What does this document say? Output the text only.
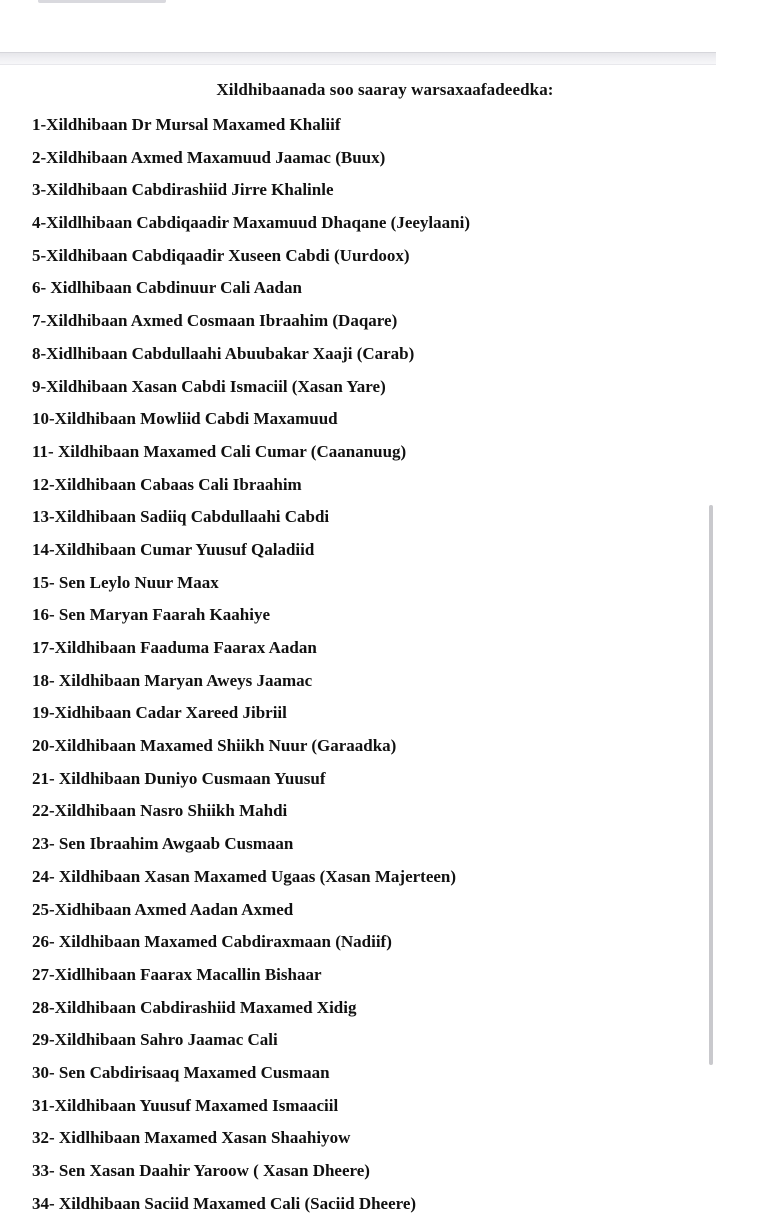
Xildhibaanada soo saaray warsaxaafadeedka:
1-Xildhibaan Dr Mursal Maxamed Khaliif
2-Xildhibaan Axmed Maxamuud Jaamac (Buux)
3-Xildhibaan Cabdirashiid Jirre Khalinle
4-Xildlhibaan Cabdiqaadir Maxamuud Dhaqane (Jeeylaani)
5-Xildhibaan Cabdiqaadir Xuseen Cabdi (Uurdoox)
6- Xidlhibaan Cabdinuur Cali Aadan
7-Xildhibaan Axmed Cosmaan Ibraahim (Daqare)
8-Xidlhibaan Cabdullaahi Abuubakar Xaaji (Carab)
9-Xildhibaan Xasan Cabdi Ismaciil (Xasan Yare)
10-Xildhibaan Mowliid Cabdi Maxamuud
11- Xildhibaan Maxamed Cali Cumar (Caananuug)
12-Xildhibaan Cabaas Cali Ibraahim
13-Xildhibaan Sadiiq Cabdullaahi Cabdi
14-Xildhibaan Cumar Yuusuf Qaladiid
15- Sen Leylo Nuur Maax
16- Sen Maryan Faarah Kaahiye
17-Xildhibaan Faaduma Faarax Aadan
18- Xildhibaan Maryan Aweys Jaamac
19-Xidhibaan Cadar Xareed Jibriil
20-Xildhibaan Maxamed Shiikh Nuur (Garaadka)
21- Xildhibaan Duniyo Cusmaan Yuusuf
22-Xildhibaan Nasro Shiikh Mahdi
23- Sen Ibraahim Awgaab Cusmaan
24- Xildhibaan Xasan Maxamed Ugaas (Xasan Majerteen)
25-Xidhibaan Axmed Aadan Axmed
26- Xildhibaan Maxamed Cabdiraxmaan (Nadiif)
27-Xidlhibaan Faarax Macallin Bishaar
28-Xildhibaan Cabdirashiid Maxamed Xidig
29-Xildhibaan Sahro Jaamac Cali
30- Sen Cabdirisaaq Maxamed Cusmaan
31-Xildhibaan Yuusuf Maxamed Ismaaciil
32- Xidlhibaan Maxamed Xasan Shaahiyow
33- Sen Xasan Daahir Yaroow ( Xasan Dheere)
34- Xildhibaan Saciid Maxamed Cali (Saciid Dheere)
